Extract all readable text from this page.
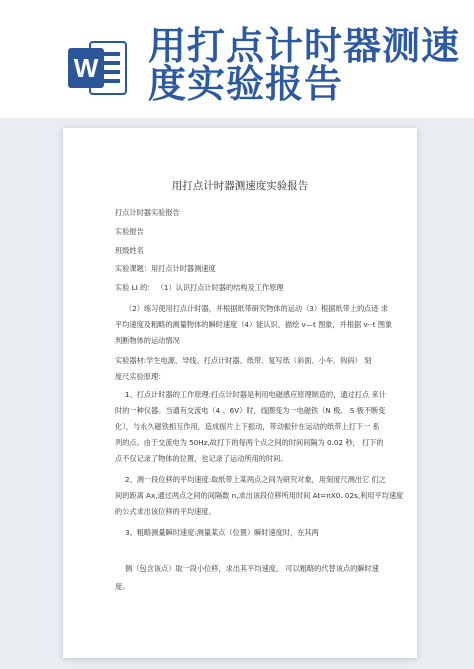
W 用打点计时器测速
度实验报告
用打点计时器测速度实验报告
打点计时器实验报告
实验报告
班级姓名
实验课题：用打点计时器测速度
实验 LI 的： （1）认识打点计时器的结构及工作原理
（2）练习使用打点计时器，并根据纸带研究物体的运动（3）根据纸带上的点迹 求
平均速度及粗略的测量物体的瞬时速度（4）能认识、描绘 v—t 图象，并根据 v--t 图象
判断物体的运动情况
实验器材:学生电源、导线、打点计时器、纸带、复写纸（斜面、小车、钩码） 刻
度尺实验原理：
1、打点计时器的工作原理:打点计时器是利用电磁感应原理制造的，通过打点 来计
时的一种仪器。当通有交流电（4 、6V）时，线圈变为一电磁铁（N 极、 S 极不断变
化），与永久磁铁相互作用，造成振片上下振动，带动振针在运动的纸带上打下一 系
列的点。由于交流电为 50Hz,故打下的每两个点之间的时间间隔为 0.02 秒， 打下的
点不仅记录了物体的位置，也记录了运动所用的时间。
2、测一段位移的平均速度:取纸带上某两点之间为研究对象，用刻度尺测出它 们之
间的距离 Ax,通过两点之间的间隔数 n,求出该段位移所用时间 At=nX0. 02s,利用平均速度
的公式求出该位移的平均速度。
3、粗略测量瞬时速度:测量某点（位置）瞬时速度时，在其两
侧（包含该点）取一段小位移，求出其平均速度， 可以粗略的代替该点的瞬时速
度。
